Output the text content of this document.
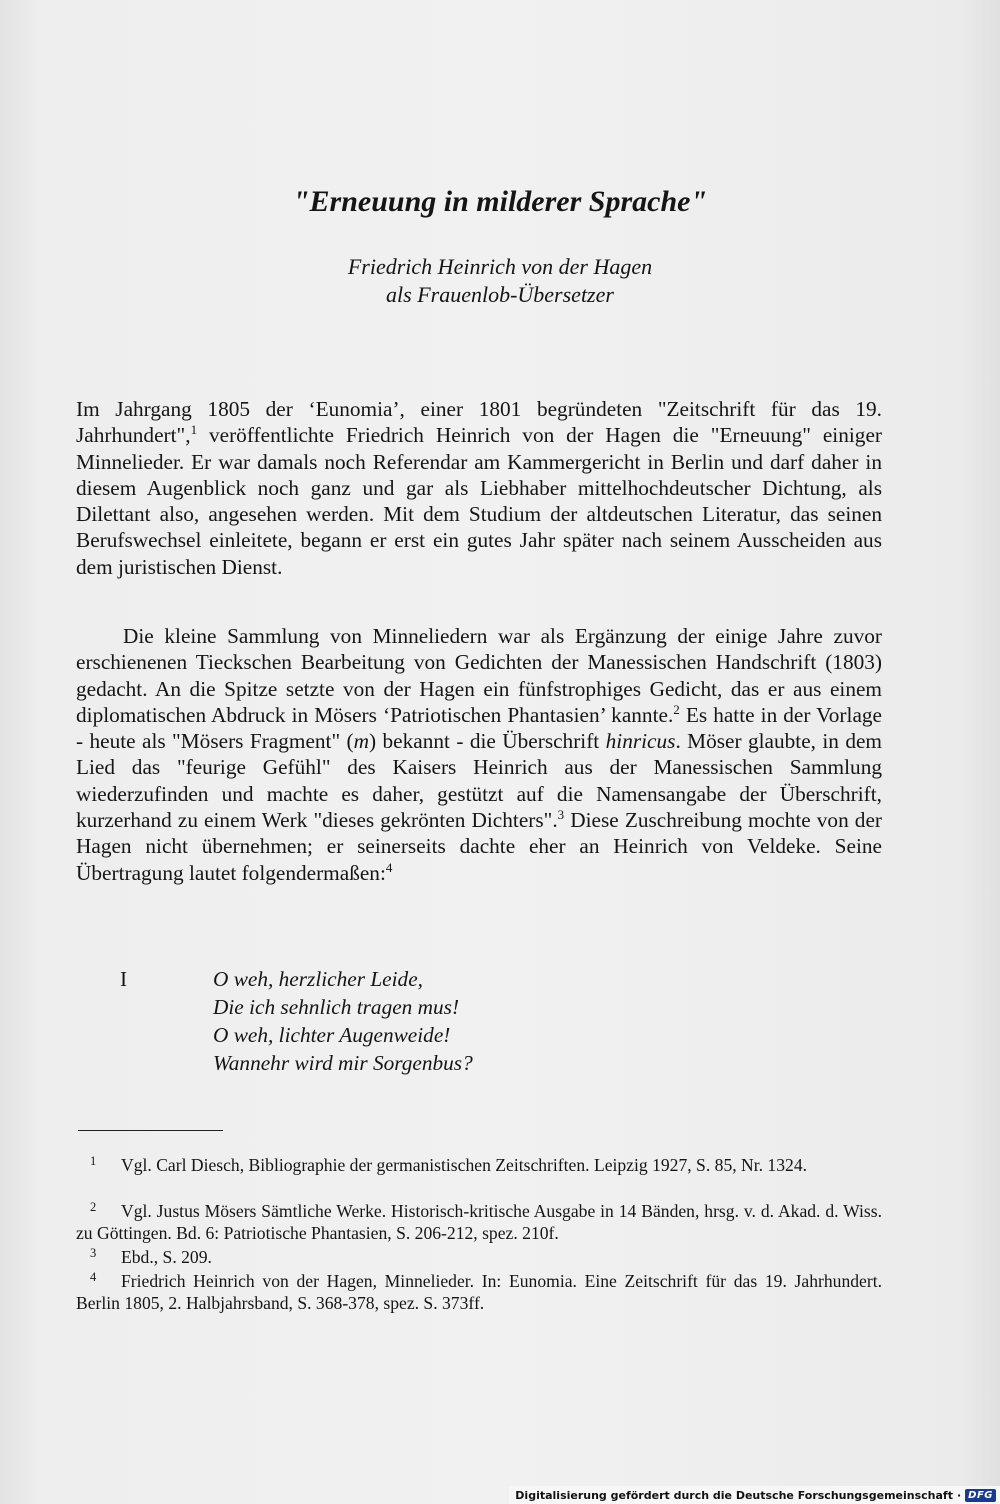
"Erneuung in milderer Sprache"
Friedrich Heinrich von der Hagen
als Frauenlob-Übersetzer

Im Jahrgang 1805 der ‘Eunomia’, einer 1801 begründeten "Zeitschrift für das 19. Jahrhundert",$^1$ veröffentlichte Friedrich Heinrich von der Hagen die "Erneuung" einiger Minnelieder. Er war damals noch Referendar am Kammergericht in Berlin und darf daher in diesem Augenblick noch ganz und gar als Liebhaber mittelhochdeutscher Dichtung, als Dilettant also, angesehen werden. Mit dem Studium der altdeutschen Literatur, das seinen Berufswechsel einleitete, begann er erst ein gutes Jahr später nach seinem Ausscheiden aus dem juristischen Dienst.

Die kleine Sammlung von Minneliedern war als Ergänzung der einige Jahre zuvor erschienenen Tieckschen Bearbeitung von Gedichten der Manessischen Handschrift (1803) gedacht. An die Spitze setzte von der Hagen ein fünfstrophiges Gedicht, das er aus einem diplomatischen Abdruck in Mösers ‘Patriotischen Phantasien’ kannte.$^2$ Es hatte in der Vorlage - heute als "Mösers Fragment" (m) bekannt - die Überschrift hinricus. Möser glaubte, in dem Lied das "feurige Gefühl" des Kaisers Heinrich aus der Manessischen Sammlung wiederzufinden und machte es daher, gestützt auf die Namensangabe der Überschrift, kurzerhand zu einem Werk "dieses gekrönten Dichters".$^3$ Diese Zuschreibung mochte von der Hagen nicht übernehmen; er seinerseits dachte eher an Heinrich von Veldeke. Seine Übertragung lautet folgendermaßen:$^4$

I	O weh, herzlicher Leide,
Die ich sehnlich tragen mus!
O weh, lichter Augenweide!
Wannehr wird mir Sorgenbus?
1	Vgl. Carl Diesch, Bibliographie der germanistischen Zeitschriften. Leipzig 1927, S. 85, Nr. 1324.

2	Vgl. Justus Mösers Sämtliche Werke. Historisch-kritische Ausgabe in 14 Bänden, hrsg. v. d. Akad. d. Wiss. zu Göttingen. Bd. 6: Patriotische Phantasien, S. 206-212, spez. 210f.

3	Ebd., S. 209.

4	Friedrich Heinrich von der Hagen, Minnelieder. In: Eunomia. Eine Zeitschrift für das 19. Jahrhundert. Berlin 1805, 2. Halbjahrsband, S. 368-378, spez. S. 373ff.

Digitalisierung gefördert durch die Deutsche Forschungsgemeinschaft · DFG
